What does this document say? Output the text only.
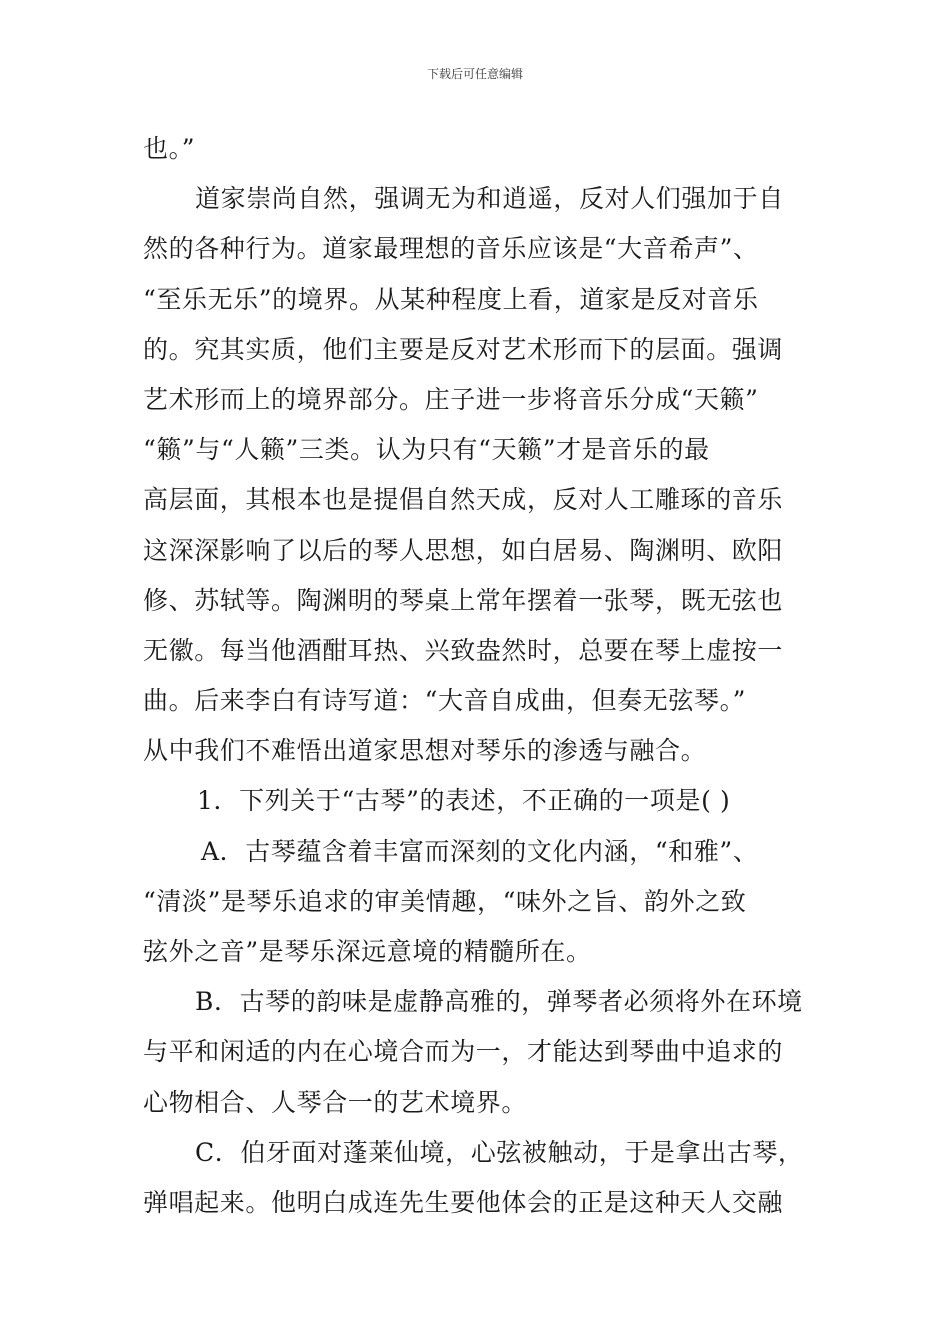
下载后可任意编辑
也。”
道家崇尚自然，强调无为和逍遥，反对人们强加于自
然的各种行为。道家最理想的音乐应该是“大音希声”、
“至乐无乐”的境界。从某种程度上看，道家是反对音乐
的。究其实质，他们主要是反对艺术形而下的层面。强调
艺术形而上的境界部分。庄子进一步将音乐分成“天籁”
“籁”与“人籁”三类。认为只有“天籁”才是音乐的最
高层面，其根本也是提倡自然天成，反对人工雕琢的音乐
这深深影响了以后的琴人思想，如白居易、陶渊明、欧阳
修、苏轼等。陶渊明的琴桌上常年摆着一张琴，既无弦也
无徽。每当他酒酣耳热、兴致盎然时，总要在琴上虚按一
曲。后来李白有诗写道：“大音自成曲，但奏无弦琴。”
从中我们不难悟出道家思想对琴乐的渗透与融合。
1．下列关于“古琴”的表述，不正确的一项是( )
A．古琴蕴含着丰富而深刻的文化内涵，“和雅”、
“清淡”是琴乐追求的审美情趣，“味外之旨、韵外之致
弦外之音”是琴乐深远意境的精髓所在。
B．古琴的韵味是虚静高雅的，弹琴者必须将外在环境
与平和闲适的内在心境合而为一，才能达到琴曲中追求的
心物相合、人琴合一的艺术境界。
C．伯牙面对蓬莱仙境，心弦被触动，于是拿出古琴，
弹唱起来。他明白成连先生要他体会的正是这种天人交融
